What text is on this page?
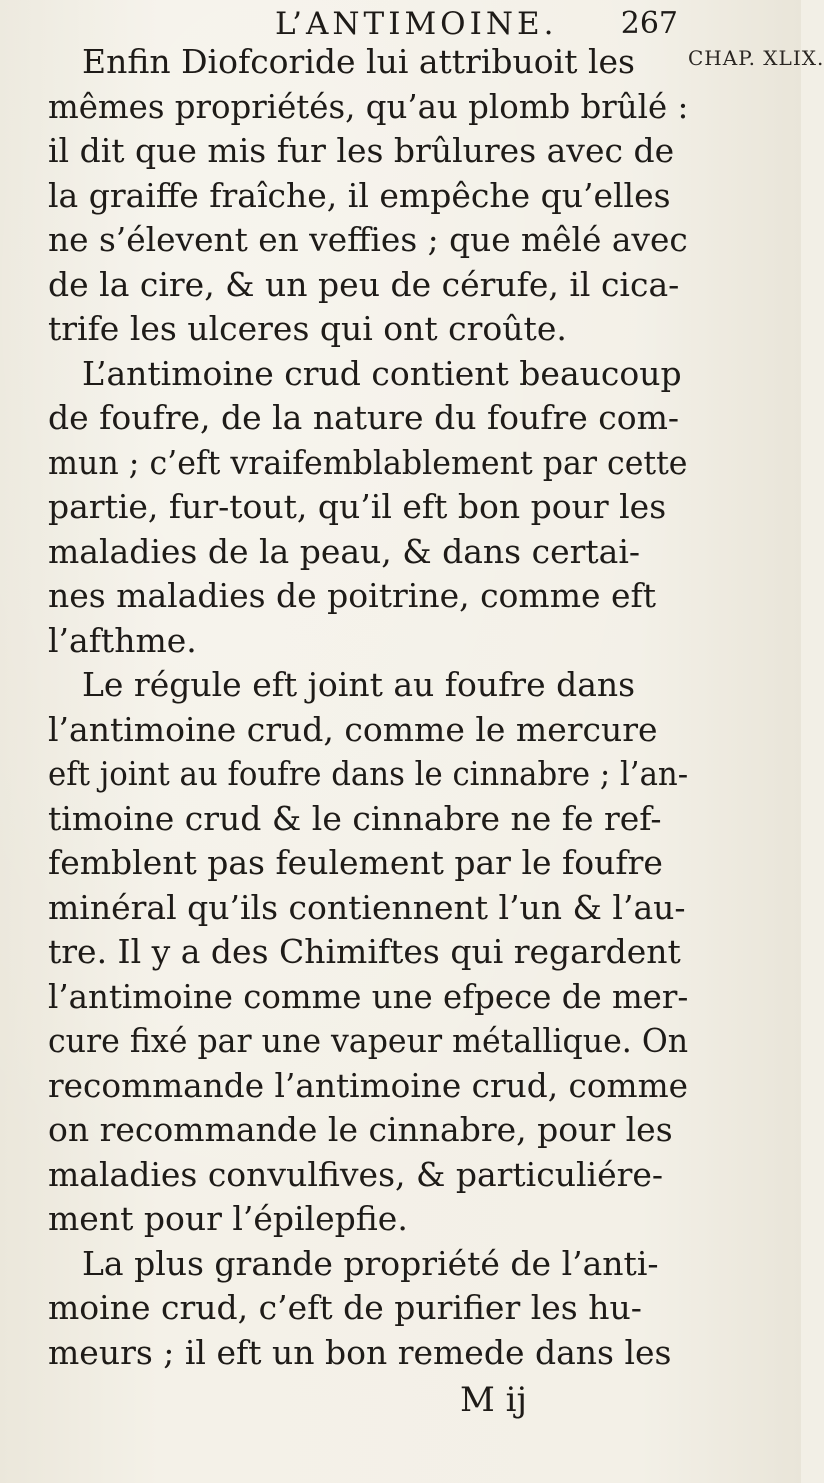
L’ANTIMOINE. 267
CHAP. XLIX.
Enfin Diofcoride lui attribuoit les
mêmes propriétés, qu’au plomb brûlé :
il dit que mis fur les brûlures avec de
la graiffe fraîche, il empêche qu’elles
ne s’élevent en veffies ; que mêlé avec
de la cire, & un peu de cérufe, il cica-
trife les ulceres qui ont croûte.
L’antimoine crud contient beaucoup
de foufre, de la nature du foufre com-
mun ; c’eft vraifemblablement par cette
partie, fur-tout, qu’il eft bon pour les
maladies de la peau, & dans certai-
nes maladies de poitrine, comme eft
l’afthme.
Le régule eft joint au foufre dans
l’antimoine crud, comme le mercure
eft joint au foufre dans le cinnabre ; l’an-
timoine crud & le cinnabre ne fe ref-
femblent pas feulement par le foufre
minéral qu’ils contiennent l’un & l’au-
tre. Il y a des Chimiftes qui regardent
l’antimoine comme une efpece de mer-
cure fixé par une vapeur métallique. On
recommande l’antimoine crud, comme
on recommande le cinnabre, pour les
maladies convulfives, & particuliére-
ment pour l’épilepfie.
La plus grande propriété de l’anti-
moine crud, c’eft de purifier les hu-
meurs ; il eft un bon remede dans les
M ij
